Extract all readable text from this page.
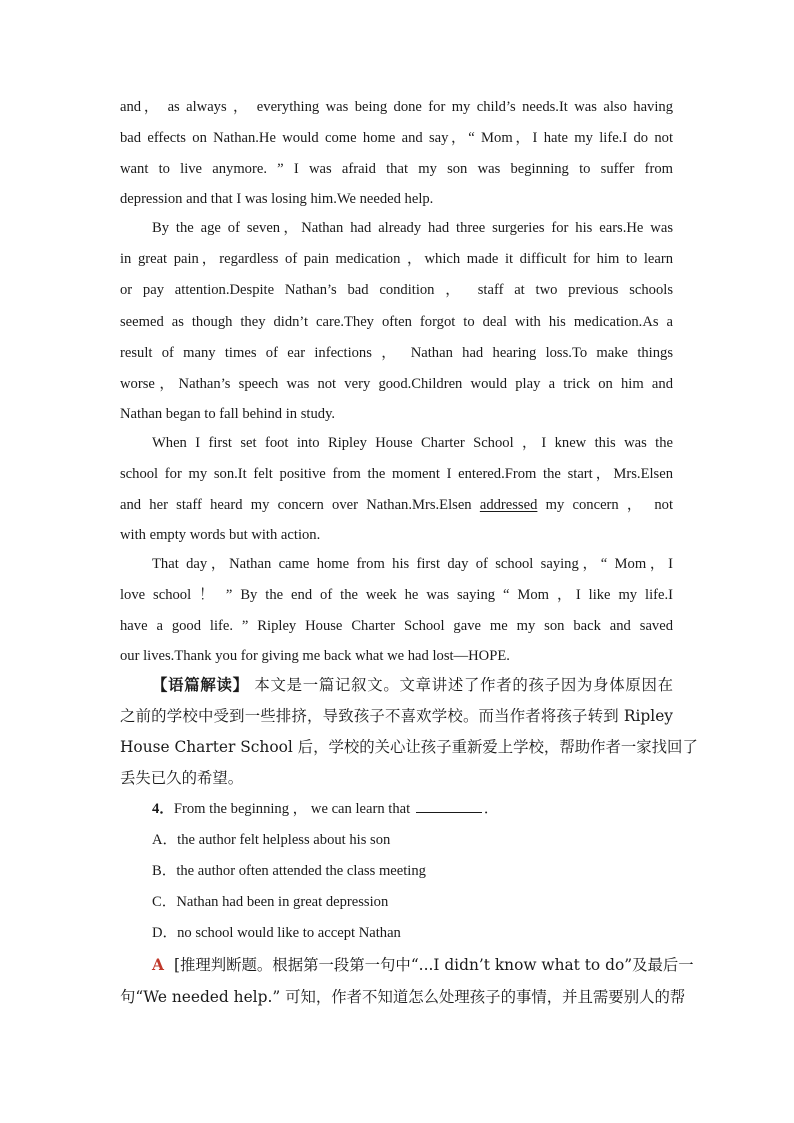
and， as always ， everything was being done for my child’s needs.It was also having
bad effects on Nathan.He would come home and say，“ Mom，I hate my life.I do not
want to live anymore. ” I was afraid that my son was beginning to suffer from
depression and that I was losing him.We needed help.
By the age of seven，Nathan had already had three surgeries for his ears.He was
in great pain，regardless of pain medication ，which made it difficult for him to learn
or pay attention.Despite Nathan’s bad condition ， staff at two previous schools
seemed as though they didn’t care.They often forgot to deal with his medication.As a
result of many times of ear infections ， Nathan had hearing loss.To make things
worse，Nathan’s speech was not very good.Children would play a trick on him and
Nathan began to fall behind in study.
When I first set foot into Ripley House Charter School ，I knew this was the
school for my son.It felt positive from the moment I entered.From the start，Mrs.Elsen
and her staff heard my concern over Nathan.Mrs.Elsen addressed my concern ， not
with empty words but with action.
That day，Nathan came home from his first day of school saying，“ Mom，I
love school ！ ” By the end of the week he was saying “ Mom ，I like my life.I
have a good life. ” Ripley House Charter School gave me my son back and saved
our lives.Thank you for giving me back what we had lost—HOPE.
【语篇解读】 本文是一篇记叙文。文章讲述了作者的孩子因为身体原因在
之前的学校中受到一些排挤，导致孩子不喜欢学校。而当作者将孩子转到 Ripley
House Charter School 后，学校的关心让孩子重新爱上学校，帮助作者一家找回了
丢失已久的希望。
4．From the beginning ， we can learn that	．
A．the author felt helpless about his son
B．the author often attended the class meeting
C．Nathan had been in great depression
D．no school would like to accept Nathan
A [推理判断题。根据第一段第一句中“...I didn’t know what to do”及最后一
句“We needed help.” 可知，作者不知道怎么处理孩子的事情，并且需要别人的帮
